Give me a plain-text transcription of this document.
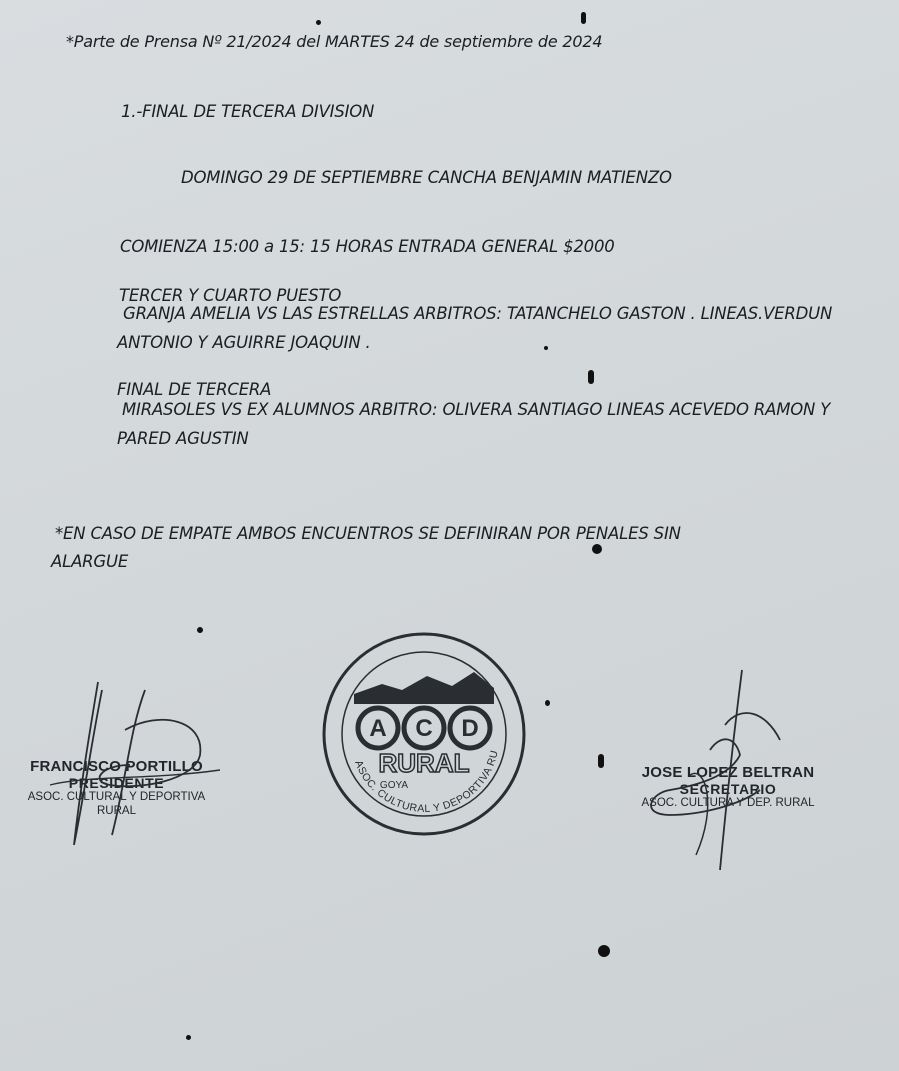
*Parte de Prensa Nº 21/2024 del MARTES 24 de septiembre de 2024
1.-FINAL DE TERCERA DIVISION
DOMINGO 29 DE SEPTIEMBRE CANCHA BENJAMIN MATIENZO
COMIENZA 15:00 a 15: 15 HORAS ENTRADA GENERAL $2000
TERCER Y CUARTO PUESTO
GRANJA AMELIA VS LAS ESTRELLAS ARBITROS: TATANCHELO GASTON . LINEAS.VERDUN
ANTONIO Y AGUIRRE JOAQUIN .
FINAL DE TERCERA
MIRASOLES VS EX ALUMNOS ARBITRO: OLIVERA SANTIAGO LINEAS ACEVEDO RAMON Y
PARED AGUSTIN
*EN CASO DE EMPATE AMBOS ENCUENTROS SE DEFINIRAN POR PENALES SIN
ALARGUE
FRANCISCO PORTILLO
PRESIDENTE
ASOC. CULTURAL Y DEPORTIVA RURAL
A C D
RURAL
GOYA
ASOC. CULTURAL Y DEPORTIVA RURAL
JOSE LOPEZ BELTRAN
SECRETARIO
ASOC. CULTURA Y DEP. RURAL
